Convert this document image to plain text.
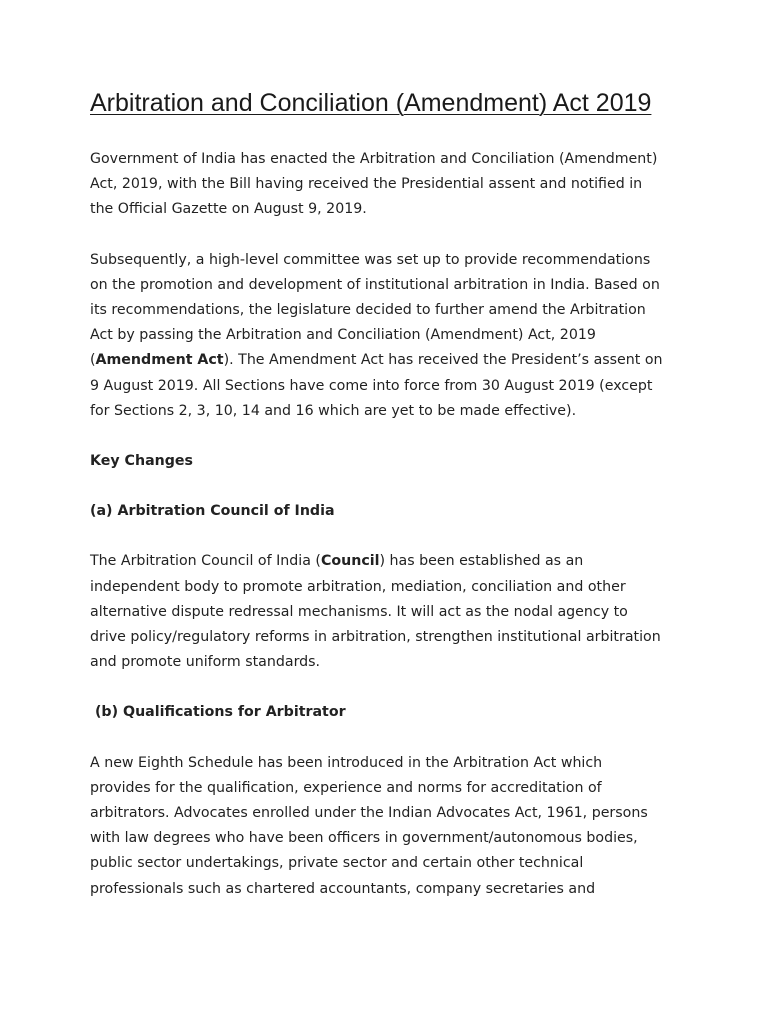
Arbitration and Conciliation (Amendment) Act 2019

Government of India has enacted the Arbitration and Conciliation (Amendment)
Act, 2019, with the Bill having received the Presidential assent and notified in
the Official Gazette on August 9, 2019.

Subsequently, a high-level committee was set up to provide recommendations
on the promotion and development of institutional arbitration in India. Based on
its recommendations, the legislature decided to further amend the Arbitration
Act by passing the Arbitration and Conciliation (Amendment) Act, 2019
(Amendment Act). The Amendment Act has received the President’s assent on
9 August 2019. All Sections have come into force from 30 August 2019 (except
for Sections 2, 3, 10, 14 and 16 which are yet to be made effective).

Key Changes

(a) Arbitration Council of India

The Arbitration Council of India (Council) has been established as an
independent body to promote arbitration, mediation, conciliation and other
alternative dispute redressal mechanisms. It will act as the nodal agency to
drive policy/regulatory reforms in arbitration, strengthen institutional arbitration
and promote uniform standards.

(b) Qualifications for Arbitrator

A new Eighth Schedule has been introduced in the Arbitration Act which
provides for the qualification, experience and norms for accreditation of
arbitrators. Advocates enrolled under the Indian Advocates Act, 1961, persons
with law degrees who have been officers in government/autonomous bodies,
public sector undertakings, private sector and certain other technical
professionals such as chartered accountants, company secretaries and
